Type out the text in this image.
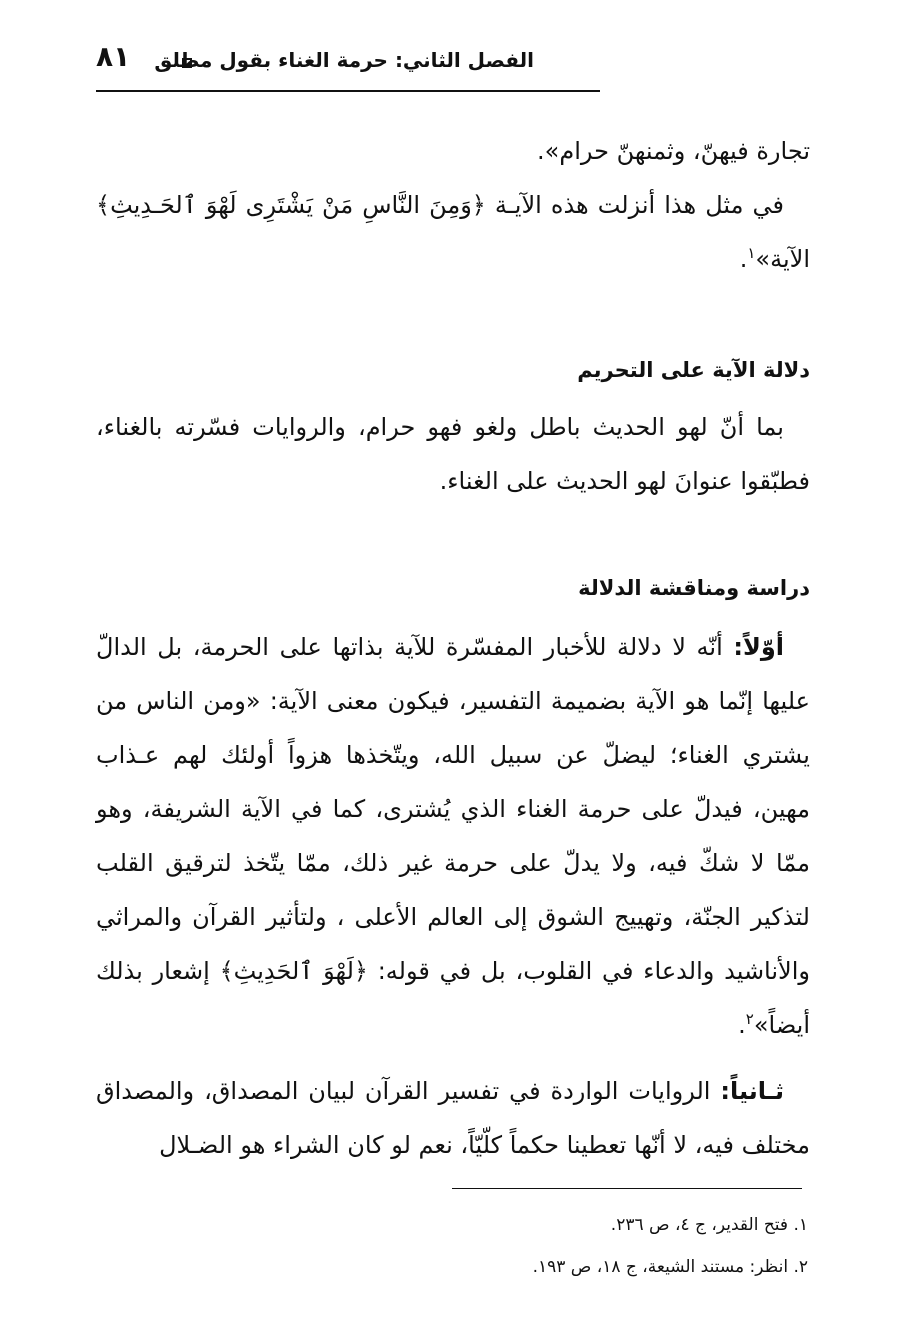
الفصل الثاني: حرمة الغناء بقول مطلق
٨١
تجارة فيهنّ، وثمنهنّ حرام».
في مثل هذا أنزلت هذه الآيـة ﴿وَمِنَ النَّاسِ مَنْ يَشْتَرِى لَهْوَ ٱلحَـدِيثِ﴾ الآية»$^١$.
دلالة الآية على التحريم
بما أنّ لهو الحديث باطل ولغو فهو حرام، والروايات فسّرته بالغناء، فطبّقوا عنوانَ لهو الحديث على الغناء.
دراسة ومناقشة الدلالة
أوّلاً: أنّه لا دلالة للأخبار المفسّرة للآية بذاتها على الحرمة، بل الدالّ عليها إنّما هو الآية بضميمة التفسير، فيكون معنى الآية: «ومن الناس من يشتري الغناء؛ ليضلّ عن سبيل الله، ويتّخذها هزواً أولئك لهم عـذاب مهين، فيدلّ على حرمة الغناء الذي يُشترى، كما في الآية الشريفة، وهو ممّا لا شكّ فيه، ولا يدلّ على حرمة غير ذلك، ممّا يتّخذ لترقيق القلب لتذكير الجنّة، وتهييج الشوق إلى العالم الأعلى ، ولتأثير القرآن والمراثي والأناشيد والدعاء في القلوب، بل في قوله: ﴿لَهْوَ ٱلحَدِيثِ﴾ إشعار بذلك أيضاً»$^٢$.
ثـانياً: الروايات الواردة في تفسير القرآن لبيان المصداق، والمصداق مختلف فيه، لا أنّها تعطينا حكماً كلّيّاً، نعم لو كان الشراء هو الضـلال
١. فتح القدير، ج ٤، ص ٢٣٦.
٢. انظر: مستند الشيعة، ج ١٨، ص ١٩٣.
